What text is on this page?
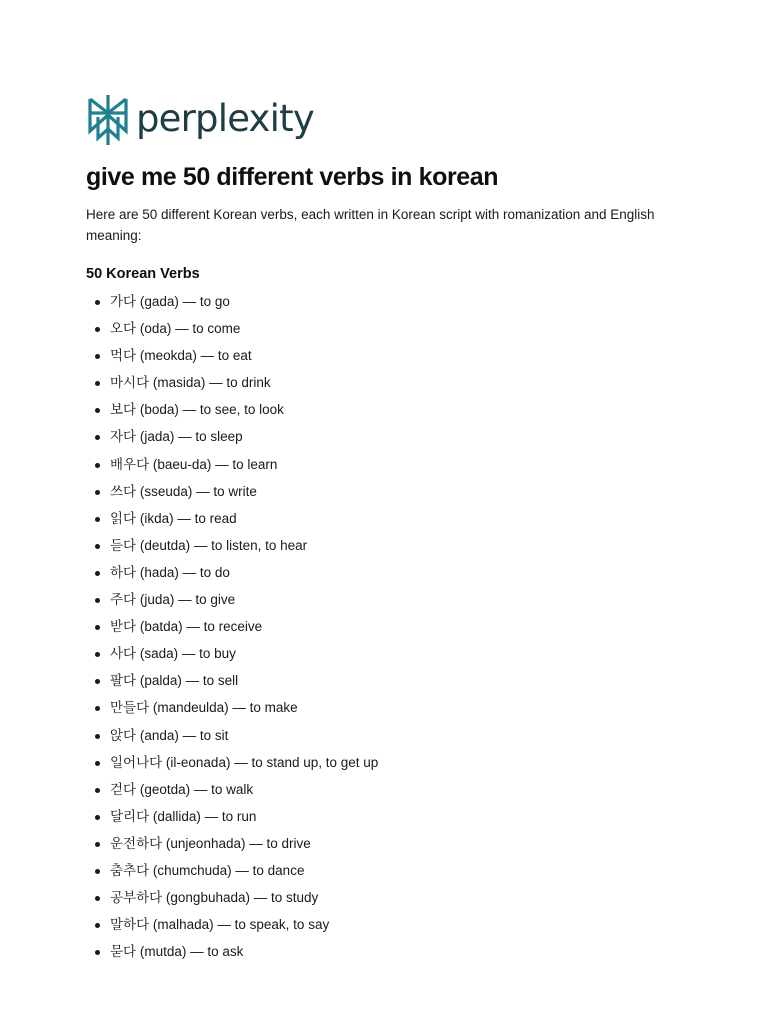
perplexity
give me 50 different verbs in korean

Here are 50 different Korean verbs, each written in Korean script with romanization and English meaning:

50 Korean Verbs
가다 (gada) — to go
오다 (oda) — to come
먹다 (meokda) — to eat
마시다 (masida) — to drink
보다 (boda) — to see, to look
자다 (jada) — to sleep
배우다 (baeu-da) — to learn
쓰다 (sseuda) — to write
읽다 (ikda) — to read
듣다 (deutda) — to listen, to hear
하다 (hada) — to do
주다 (juda) — to give
받다 (batda) — to receive
사다 (sada) — to buy
팔다 (palda) — to sell
만들다 (mandeulda) — to make
앉다 (anda) — to sit
일어나다 (il-eonada) — to stand up, to get up
걷다 (geotda) — to walk
달리다 (dallida) — to run
운전하다 (unjeonhada) — to drive
춤추다 (chumchuda) — to dance
공부하다 (gongbuhada) — to study
말하다 (malhada) — to speak, to say
묻다 (mutda) — to ask
